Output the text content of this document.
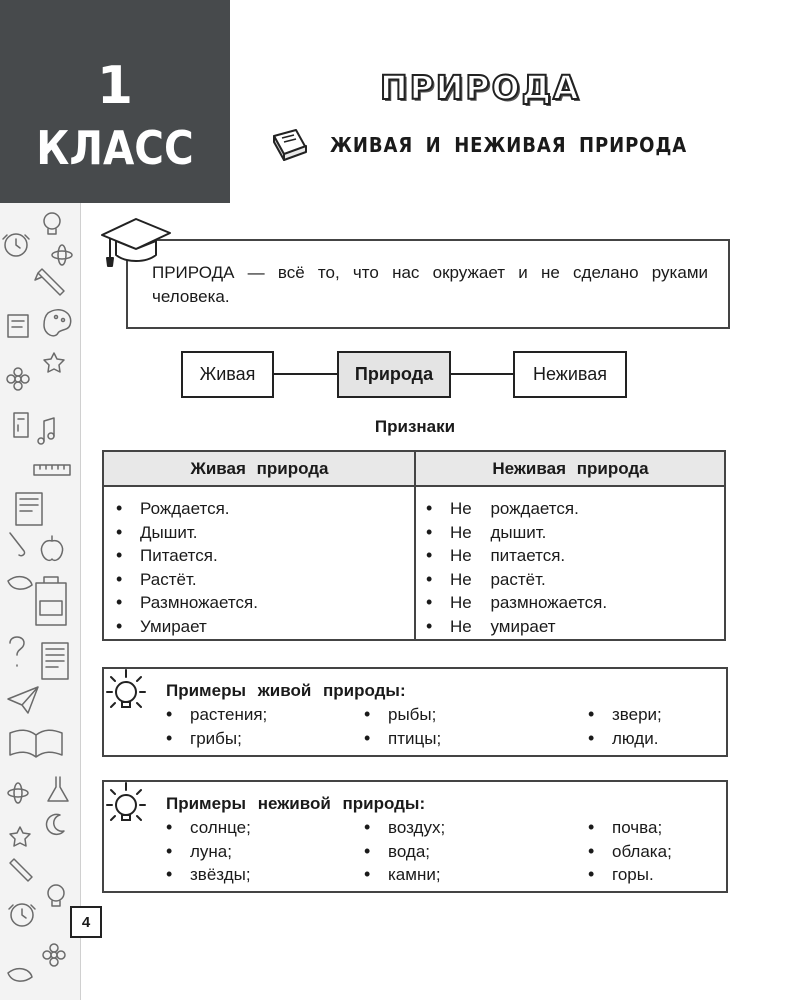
1
КЛАСС
4
ПРИРОДА
ЖИВАЯ И НЕЖИВАЯ ПРИРОДА
ПРИРОДА — всё то, что нас окружает и не сделано руками человека.
Живая	Природа	Неживая
Признаки
Живая природа	Неживая природа
• Рождается.
• Дышит.
• Питается.
• Растёт.
• Размножается.
• Умирает
• Не рождается.
• Не дышит.
• Не питается.
• Не растёт.
• Не размножается.
• Не умирает
Примеры живой природы:
• растения;
• грибы;
• рыбы;
• птицы;
• звери;
• люди.
Примеры неживой природы:
• солнце;
• луна;
• звёзды;
• воздух;
• вода;
• камни;
• почва;
• облака;
• горы.
